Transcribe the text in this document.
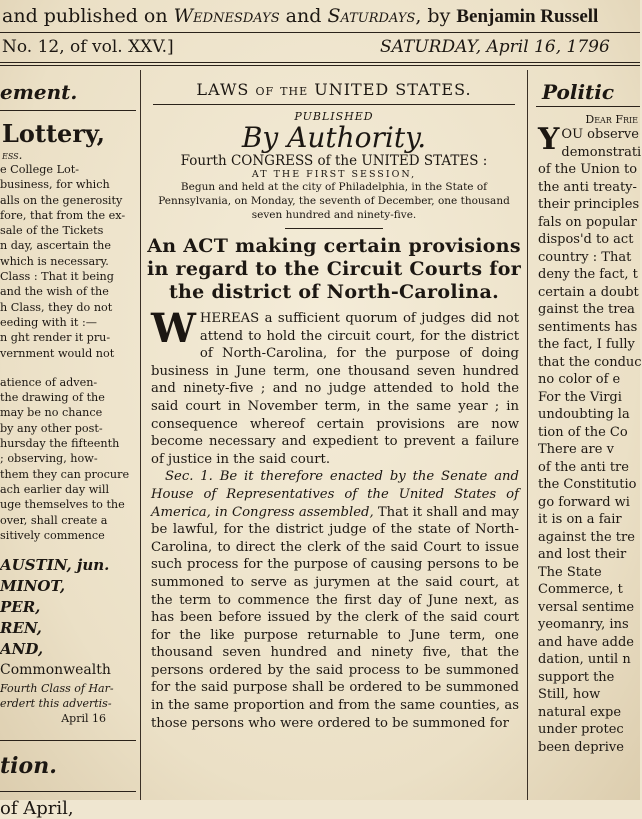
and published on Wednesdays and Saturdays, by Benjamin Russell
No. 12, of vol. XXV.]	SATURDAY, April 16, 1796
ement.
Lottery,
ess.
e College Lot-
business, for which
alls on the generosity
fore, that from the ex-
sale of the Tickets
n day, ascertain the
which is necessary.
Class : That it being
and the wish of the
h Class, they do not
eeding with it :—
n ght render it pru-
vernment would not
atience of adven-
the drawing of the
may be no chance
by any other post-
hursday the fifteenth
; observing, how-
them they can procure
ach earlier day will
uge themselves to the
over, shall create a
sitively commence
AUSTIN, jun.
MINOT,
PER,
REN,
AND,
Commonwealth
Fourth Class of Har-
erdert this advertis-
April 16
tion.
of April,
LAWS of the UNITED STATES.
PUBLISHED
By Authority.
Fourth CONGRESS of the UNITED STATES :
AT THE FIRST SESSION,
Begun and held at the city of Philadelphia, in the State of Pennsylvania, on Monday, the seventh of December, one thousand seven hundred and ninety-five.
An ACT making certain provisions in regard to the Circuit Courts for the district of North-Carolina.
WHEREAS a sufficient quorum of judges did not attend to hold the circuit court, for the district of North-Carolina, for the purpose of doing business in June term, one thousand seven hundred and ninety-five ; and no judge attended to hold the said court in November term, in the same year ; in consequence whereof certain provisions are now become necessary and expedient to prevent a failure of justice in the said court.
Sec. 1. Be it therefore enacted by the Senate and House of Representatives of the United States of America, in Congress assembled, That it shall and may be lawful, for the district judge of the state of North-Carolina, to direct the clerk of the said Court to issue such process for the purpose of causing persons to be summoned to serve as jurymen at the said court, at the term to commence the first day of June next, as has been before issued by the clerk of the said court for the like purpose returnable to June term, one thousand seven hundred and ninety five, that the persons ordered by the said process to be summoned for the said purpose shall be ordered to be summoned in the same proportion and from the same counties, as those persons who were ordered to be summoned for
Politic
Dear Frie
Y OU observe
demonstrati
of the Union to
the anti treaty-
their principles
fals on popular
dispos'd to act
country : That
deny the fact, t
certain a doubt
gainst the trea
sentiments has
the fact, I fully
that the conduc
no color of e
For the Virgi
undoubting la
tion of the Co
There are v
of the anti tre
the Constitutio
go forward wi
it is on a fair
against the tre
and lost their
The State
Commerce, t
versal sentime
yeomanry, ins
and have adde
dation, until n
support the
Still, how
natural expe
under protec
been deprive
